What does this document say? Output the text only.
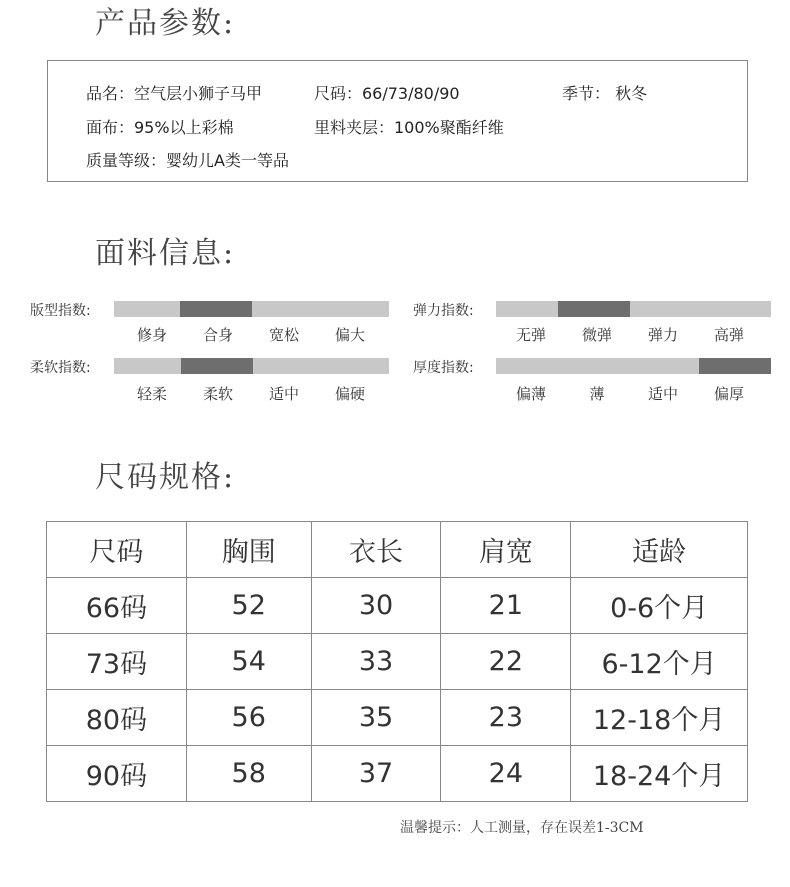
产品参数:
品名：空气层小狮子马甲	尺码：66/73/80/90	季节： 秋冬
面布：95%以上彩棉	里料夹层：100%聚酯纤维
质量等级：婴幼儿A类一等品
面料信息:
版型指数:
修身	合身	宽松	偏大
弹力指数:
无弹	微弹	弹力	高弹
柔软指数:
轻柔	柔软	适中	偏硬
厚度指数:
偏薄	薄	适中	偏厚
尺码规格:
尺码	胸围	衣长	肩宽	适龄
66码	52	30	21	0-6个月
73码	54	33	22	6-12个月
80码	56	35	23	12-18个月
90码	58	37	24	18-24个月
温馨提示：人工测量，存在误差1-3CM
